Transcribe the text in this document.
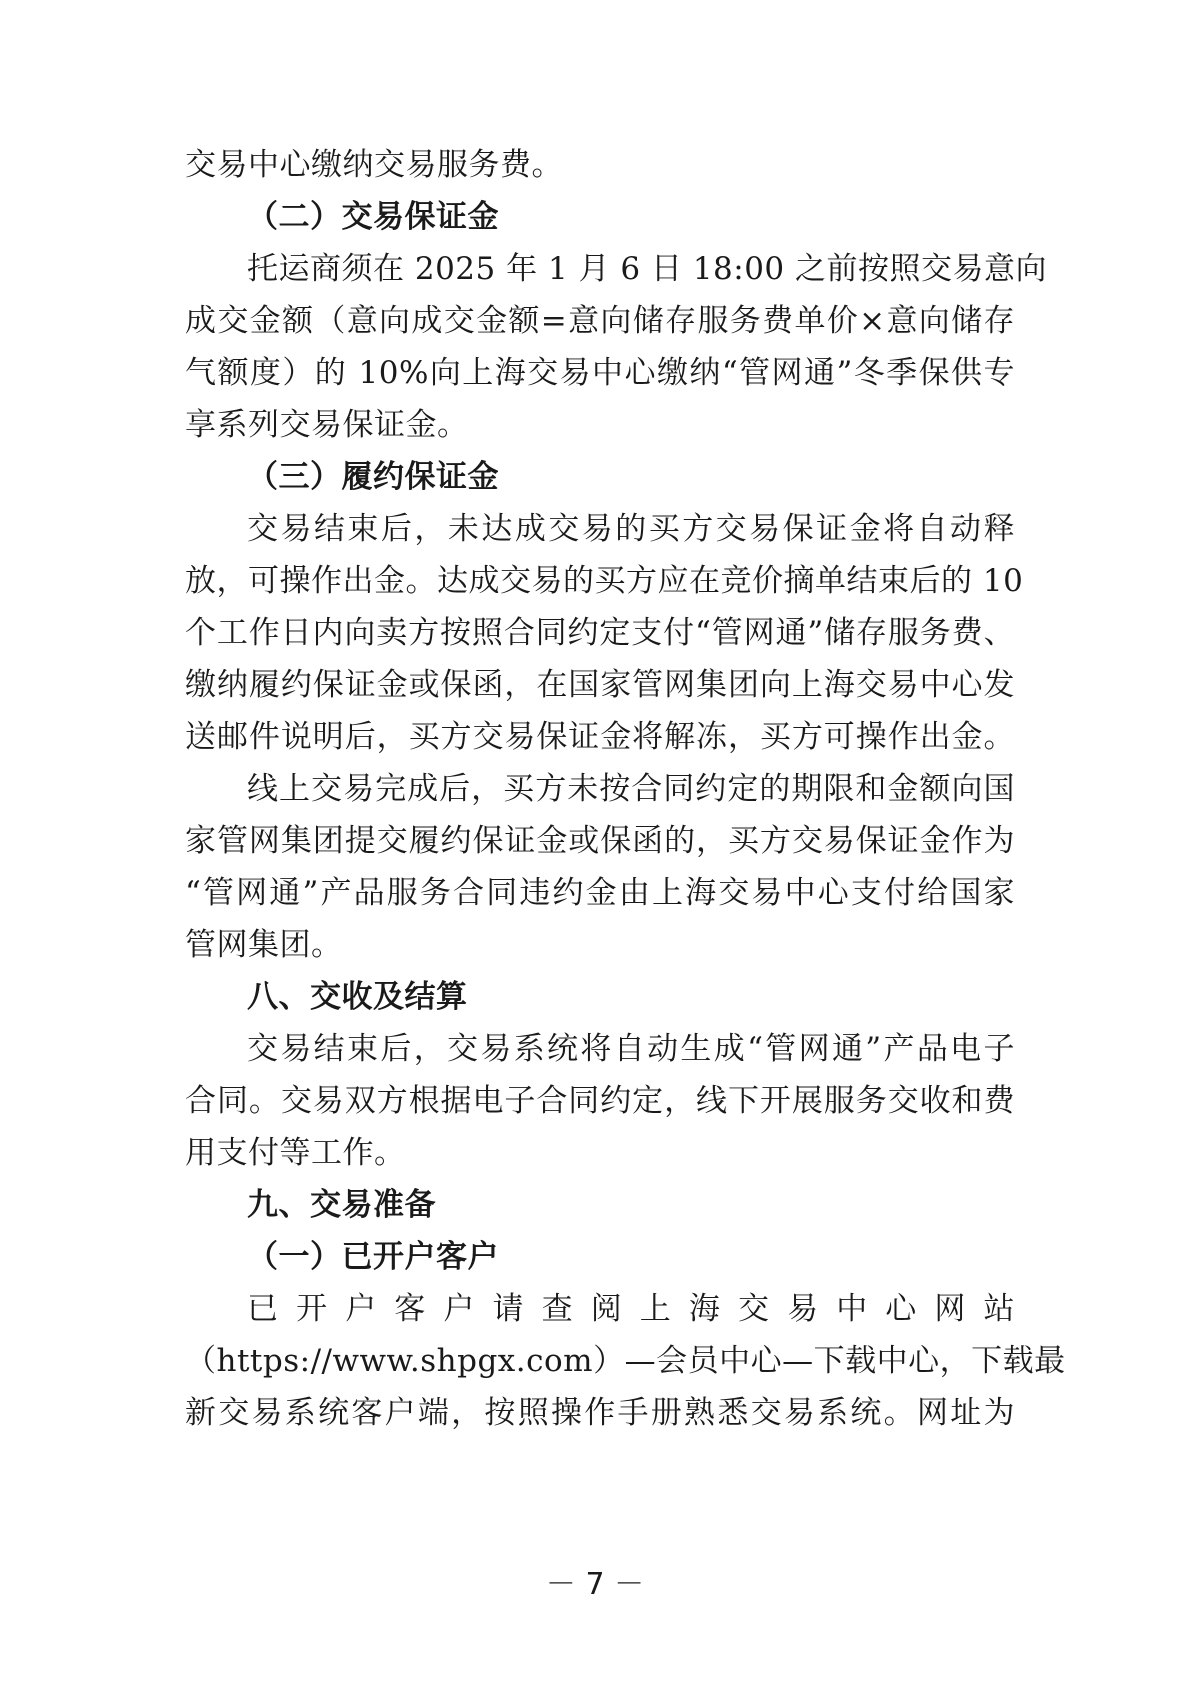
交易中心缴纳交易服务费。
（二）交易保证金
托运商须在 2025 年 1 月 6 日 18:00 之前按照交易意向
成交金额（意向成交金额=意向储存服务费单价×意向储存
气额度）的 10%向上海交易中心缴纳“管网通”冬季保供专
享系列交易保证金。
（三）履约保证金
交易结束后，未达成交易的买方交易保证金将自动释
放，可操作出金。达成交易的买方应在竞价摘单结束后的 10
个工作日内向卖方按照合同约定支付“管网通”储存服务费、
缴纳履约保证金或保函，在国家管网集团向上海交易中心发
送邮件说明后，买方交易保证金将解冻，买方可操作出金。
线上交易完成后，买方未按合同约定的期限和金额向国
家管网集团提交履约保证金或保函的，买方交易保证金作为
“管网通”产品服务合同违约金由上海交易中心支付给国家
管网集团。
八、交收及结算
交易结束后，交易系统将自动生成“管网通”产品电子
合同。交易双方根据电子合同约定，线下开展服务交收和费
用支付等工作。
九、交易准备
（一）已开户客户
已开户客户请查阅上海交易中心网站
（https://www.shpgx.com）—会员中心—下载中心，下载最
新交易系统客户端，按照操作手册熟悉交易系统。网址为
－ 7 －
